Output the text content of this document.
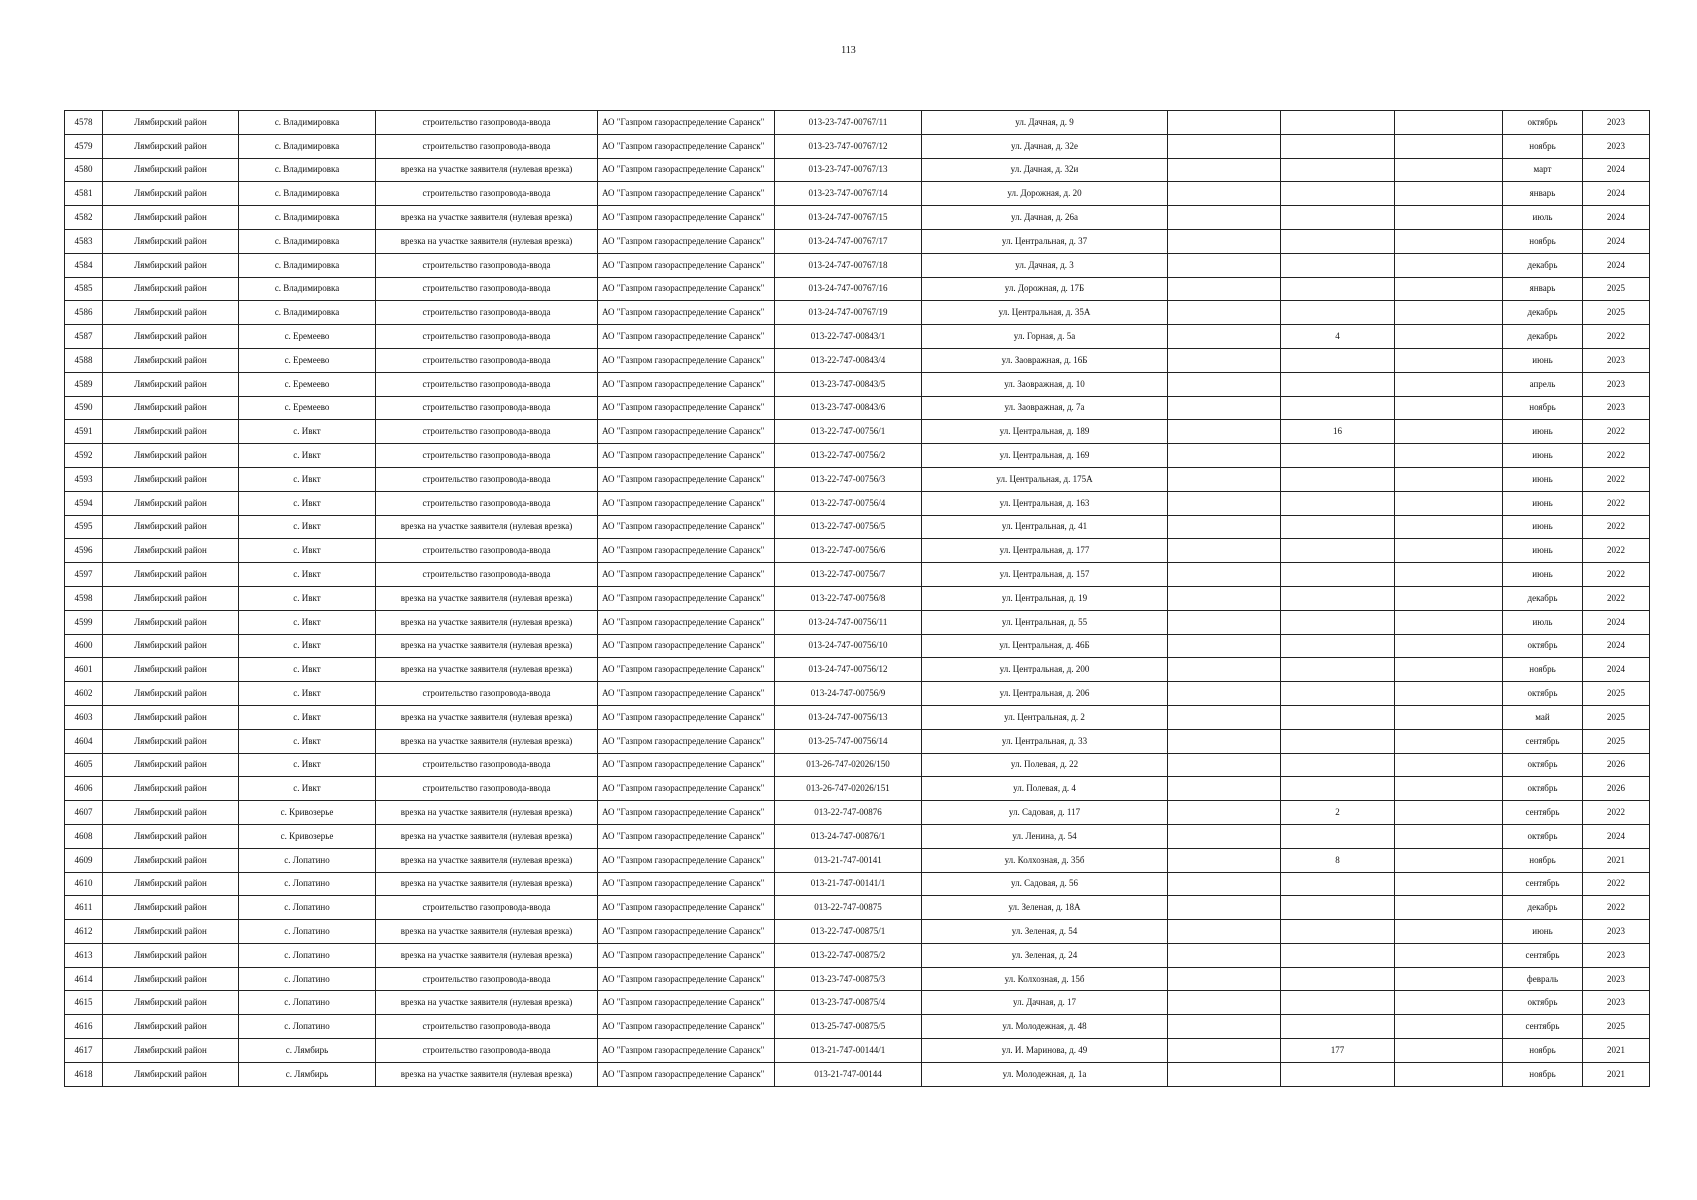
113
4578	Лямбирский район	с. Владимировка	строительство газопровода-ввода	АО "Газпром газораспределение Саранск"	013-23-747-00767/11	ул. Дачная, д. 9				октябрь	2023
4579	Лямбирский район	с. Владимировка	строительство газопровода-ввода	АО "Газпром газораспределение Саранск"	013-23-747-00767/12	ул. Дачная, д. 32е				ноябрь	2023
4580	Лямбирский район	с. Владимировка	врезка на участке заявителя (нулевая врезка)	АО "Газпром газораспределение Саранск"	013-23-747-00767/13	ул. Дачная, д. 32и				март	2024
4581	Лямбирский район	с. Владимировка	строительство газопровода-ввода	АО "Газпром газораспределение Саранск"	013-23-747-00767/14	ул. Дорожная, д. 20				январь	2024
4582	Лямбирский район	с. Владимировка	врезка на участке заявителя (нулевая врезка)	АО "Газпром газораспределение Саранск"	013-24-747-00767/15	ул. Дачная, д. 26а				июль	2024
4583	Лямбирский район	с. Владимировка	врезка на участке заявителя (нулевая врезка)	АО "Газпром газораспределение Саранск"	013-24-747-00767/17	ул. Центральная, д. 37				ноябрь	2024
4584	Лямбирский район	с. Владимировка	строительство газопровода-ввода	АО "Газпром газораспределение Саранск"	013-24-747-00767/18	ул. Дачная, д. 3				декабрь	2024
4585	Лямбирский район	с. Владимировка	строительство газопровода-ввода	АО "Газпром газораспределение Саранск"	013-24-747-00767/16	ул. Дорожная, д. 17Б				январь	2025
4586	Лямбирский район	с. Владимировка	строительство газопровода-ввода	АО "Газпром газораспределение Саранск"	013-24-747-00767/19	ул. Центральная, д. 35А				декабрь	2025
4587	Лямбирский район	с. Еремеево	строительство газопровода-ввода	АО "Газпром газораспределение Саранск"	013-22-747-00843/1	ул. Горная, д. 5а		4		декабрь	2022
4588	Лямбирский район	с. Еремеево	строительство газопровода-ввода	АО "Газпром газораспределение Саранск"	013-22-747-00843/4	ул. Заовражная, д. 16Б				июнь	2023
4589	Лямбирский район	с. Еремеево	строительство газопровода-ввода	АО "Газпром газораспределение Саранск"	013-23-747-00843/5	ул. Заовражная, д. 10				апрель	2023
4590	Лямбирский район	с. Еремеево	строительство газопровода-ввода	АО "Газпром газораспределение Саранск"	013-23-747-00843/6	ул. Заовражная, д. 7а				ноябрь	2023
4591	Лямбирский район	с. Ивкт	строительство газопровода-ввода	АО "Газпром газораспределение Саранск"	013-22-747-00756/1	ул. Центральная, д. 189		16		июнь	2022
4592	Лямбирский район	с. Ивкт	строительство газопровода-ввода	АО "Газпром газораспределение Саранск"	013-22-747-00756/2	ул. Центральная, д. 169				июнь	2022
4593	Лямбирский район	с. Ивкт	строительство газопровода-ввода	АО "Газпром газораспределение Саранск"	013-22-747-00756/3	ул. Центральная, д. 175А				июнь	2022
4594	Лямбирский район	с. Ивкт	строительство газопровода-ввода	АО "Газпром газораспределение Саранск"	013-22-747-00756/4	ул. Центральная, д. 163				июнь	2022
4595	Лямбирский район	с. Ивкт	врезка на участке заявителя (нулевая врезка)	АО "Газпром газораспределение Саранск"	013-22-747-00756/5	ул. Центральная, д. 41				июнь	2022
4596	Лямбирский район	с. Ивкт	строительство газопровода-ввода	АО "Газпром газораспределение Саранск"	013-22-747-00756/6	ул. Центральная, д. 177				июнь	2022
4597	Лямбирский район	с. Ивкт	строительство газопровода-ввода	АО "Газпром газораспределение Саранск"	013-22-747-00756/7	ул. Центральная, д. 157				июнь	2022
4598	Лямбирский район	с. Ивкт	врезка на участке заявителя (нулевая врезка)	АО "Газпром газораспределение Саранск"	013-22-747-00756/8	ул. Центральная, д. 19				декабрь	2022
4599	Лямбирский район	с. Ивкт	врезка на участке заявителя (нулевая врезка)	АО "Газпром газораспределение Саранск"	013-24-747-00756/11	ул. Центральная, д. 55				июль	2024
4600	Лямбирский район	с. Ивкт	врезка на участке заявителя (нулевая врезка)	АО "Газпром газораспределение Саранск"	013-24-747-00756/10	ул. Центральная, д. 46Б				октябрь	2024
4601	Лямбирский район	с. Ивкт	врезка на участке заявителя (нулевая врезка)	АО "Газпром газораспределение Саранск"	013-24-747-00756/12	ул. Центральная, д. 200				ноябрь	2024
4602	Лямбирский район	с. Ивкт	строительство газопровода-ввода	АО "Газпром газораспределение Саранск"	013-24-747-00756/9	ул. Центральная, д. 206				октябрь	2025
4603	Лямбирский район	с. Ивкт	врезка на участке заявителя (нулевая врезка)	АО "Газпром газораспределение Саранск"	013-24-747-00756/13	ул. Центральная, д. 2				май	2025
4604	Лямбирский район	с. Ивкт	врезка на участке заявителя (нулевая врезка)	АО "Газпром газораспределение Саранск"	013-25-747-00756/14	ул. Центральная, д. 33				сентябрь	2025
4605	Лямбирский район	с. Ивкт	строительство газопровода-ввода	АО "Газпром газораспределение Саранск"	013-26-747-02026/150	ул. Полевая, д. 22				октябрь	2026
4606	Лямбирский район	с. Ивкт	строительство газопровода-ввода	АО "Газпром газораспределение Саранск"	013-26-747-02026/151	ул. Полевая, д. 4				октябрь	2026
4607	Лямбирский район	с. Кривозерье	врезка на участке заявителя (нулевая врезка)	АО "Газпром газораспределение Саранск"	013-22-747-00876	ул. Садовая, д. 117		2		сентябрь	2022
4608	Лямбирский район	с. Кривозерье	врезка на участке заявителя (нулевая врезка)	АО "Газпром газораспределение Саранск"	013-24-747-00876/1	ул. Ленина, д. 54				октябрь	2024
4609	Лямбирский район	с. Лопатино	врезка на участке заявителя (нулевая врезка)	АО "Газпром газораспределение Саранск"	013-21-747-00141	ул. Колхозная, д. 35б		8		ноябрь	2021
4610	Лямбирский район	с. Лопатино	врезка на участке заявителя (нулевая врезка)	АО "Газпром газораспределение Саранск"	013-21-747-00141/1	ул. Садовая, д. 56				сентябрь	2022
4611	Лямбирский район	с. Лопатино	строительство газопровода-ввода	АО "Газпром газораспределение Саранск"	013-22-747-00875	ул. Зеленая, д. 18А				декабрь	2022
4612	Лямбирский район	с. Лопатино	врезка на участке заявителя (нулевая врезка)	АО "Газпром газораспределение Саранск"	013-22-747-00875/1	ул. Зеленая, д. 54				июнь	2023
4613	Лямбирский район	с. Лопатино	врезка на участке заявителя (нулевая врезка)	АО "Газпром газораспределение Саранск"	013-22-747-00875/2	ул. Зеленая, д. 24				сентябрь	2023
4614	Лямбирский район	с. Лопатино	строительство газопровода-ввода	АО "Газпром газораспределение Саранск"	013-23-747-00875/3	ул. Колхозная, д. 15б				февраль	2023
4615	Лямбирский район	с. Лопатино	врезка на участке заявителя (нулевая врезка)	АО "Газпром газораспределение Саранск"	013-23-747-00875/4	ул. Дачная, д. 17				октябрь	2023
4616	Лямбирский район	с. Лопатино	строительство газопровода-ввода	АО "Газпром газораспределение Саранск"	013-25-747-00875/5	ул. Молодежная, д. 48				сентябрь	2025
4617	Лямбирский район	с. Лямбирь	строительство газопровода-ввода	АО "Газпром газораспределение Саранск"	013-21-747-00144/1	ул. И. Маринова, д. 49		177		ноябрь	2021
4618	Лямбирский район	с. Лямбирь	врезка на участке заявителя (нулевая врезка)	АО "Газпром газораспределение Саранск"	013-21-747-00144	ул. Молодежная, д. 1а				ноябрь	2021
